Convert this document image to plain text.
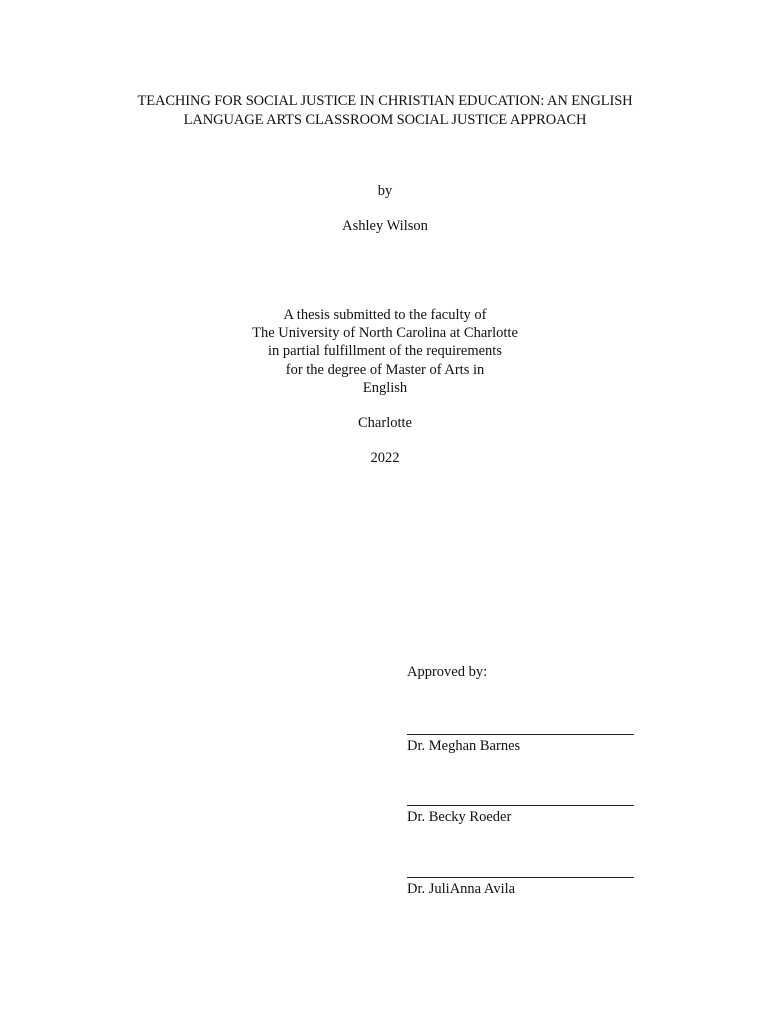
TEACHING FOR SOCIAL JUSTICE IN CHRISTIAN EDUCATION: AN ENGLISH
LANGUAGE ARTS CLASSROOM SOCIAL JUSTICE APPROACH
by
Ashley Wilson
A thesis submitted to the faculty of
The University of North Carolina at Charlotte
in partial fulfillment of the requirements
for the degree of Master of Arts in
English
Charlotte
2022
Approved by:
Dr. Meghan Barnes
Dr. Becky Roeder
Dr. JuliAnna Avila
